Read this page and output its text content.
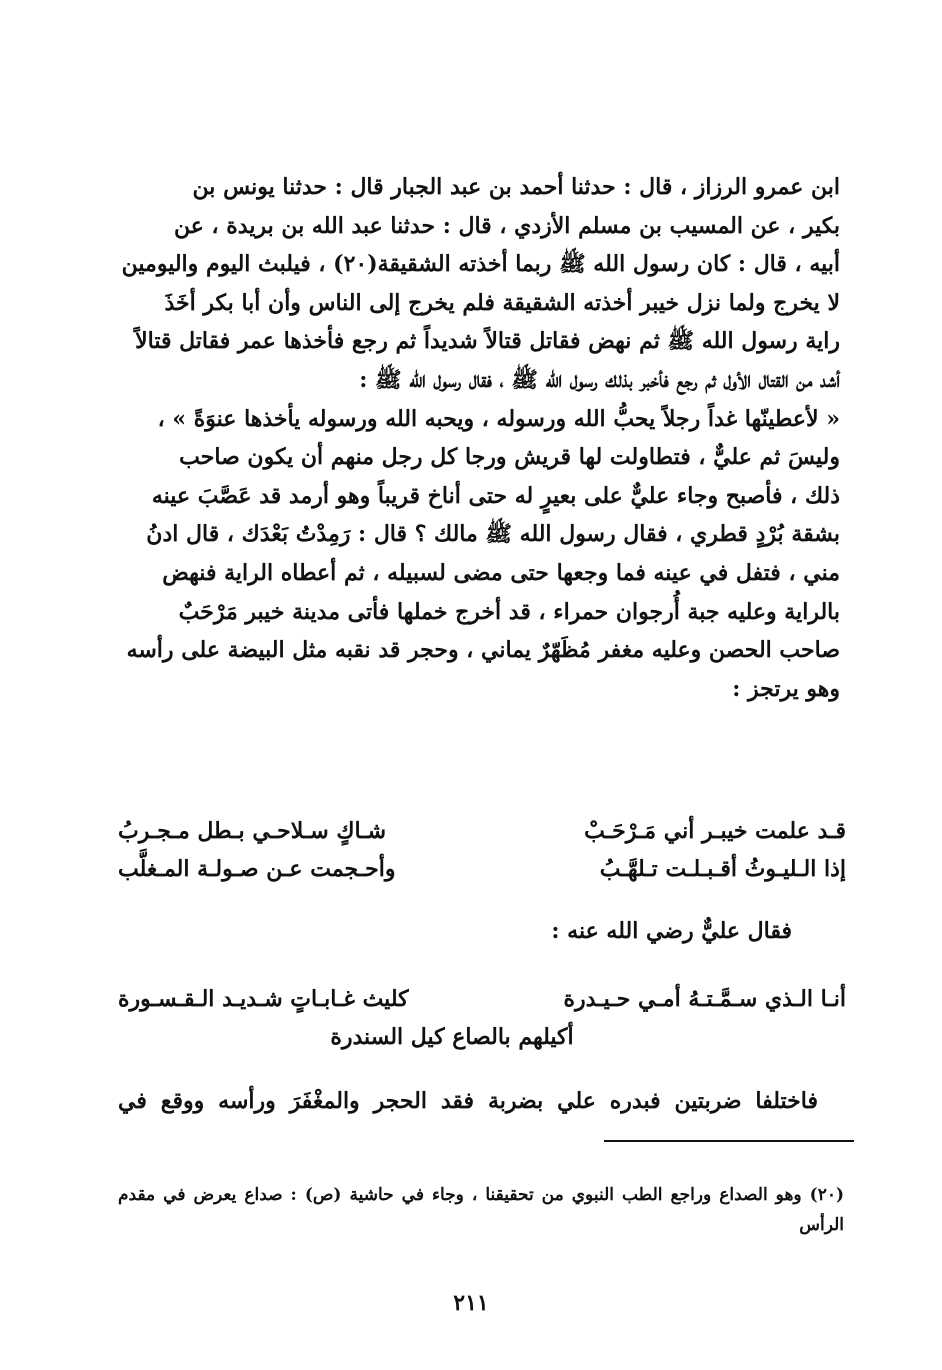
ابن عمرو الرزاز ، قال : حدثنا أحمد بن عبد الجبار قال : حدثنا يونس بن

بكير ، عن المسيب بن مسلم الأزدي ، قال : حدثنا عبد الله بن بريدة ، عن

أبيه ، قال : كان رسول الله ﷺ ربما أخذته الشقيقة(٢٠) ، فيلبث اليوم واليومين

لا يخرج ولما نزل خيبر أخذته الشقيقة فلم يخرج إلى الناس وأن أبا بكر أخَذَ

راية رسول الله ﷺ ثم نهض فقاتل قتالاً شديداً ثم رجع فأخذها عمر فقاتل قتالاً

أشد من القتال الأول ثم رجع فأخبر بذلك رسول الله ﷺ ، فقال رسول الله ﷺ :

« لأعطينّها غداً رجلاً يحبُّ الله ورسوله ، ويحبه الله ورسوله يأخذها عنوَةً » ،

وليسَ ثم عليٌّ ، فتطاولت لها قريش ورجا كل رجل منهم أن يكون صاحب

ذلك ، فأصبح وجاء عليٌّ على بعيرٍ له حتى أناخ قريباً وهو أرمد قد عَصَّبَ عينه

بشقة بُرْدٍ قطري ، فقال رسول الله ﷺ مالك ؟ قال : رَمِدْتُ بَعْدَك ، قال ادنُ

مني ، فتفل في عينه فما وجعها حتى مضى لسبيله ، ثم أعطاه الراية فنهض

بالراية وعليه جبة أُرجوان حمراء ، قد أخرج خملها فأتى مدينة خيبر مَرْحَبٌ

صاحب الحصن وعليه مغفر مُظَهّرٌ يماني ، وحجر قد نقبه مثل البيضة على رأسه

وهو يرتجز :

قـد علمت خيبـر أني مَـرْحَـبْ
شـاكٍ سـلاحـي بـطل مـجـربُ
إذا الـليـوثُ أقـبـلـت تـلهَّـبُ
وأحـجمت عـن صـولـة المـغلَّب
فقال عليٌّ رضي الله عنه :
أنـا الـذي سـمَّـتـهُ أمـي حـيـدرة
كليث غـابـاتٍ شـديـد الـقـسـورة
أكيلهم بالصاع كيل السندرة
فاختلفا ضربتين فبدره علي بضربة فقد الحجر والمغْفَرَ ورأسه ووقع في
(٢٠) وهو الصداع وراجع الطب النبوي من تحقيقنا ، وجاء في حاشية (ص) : صداع يعرض في مقدم الرأس
٢١١
